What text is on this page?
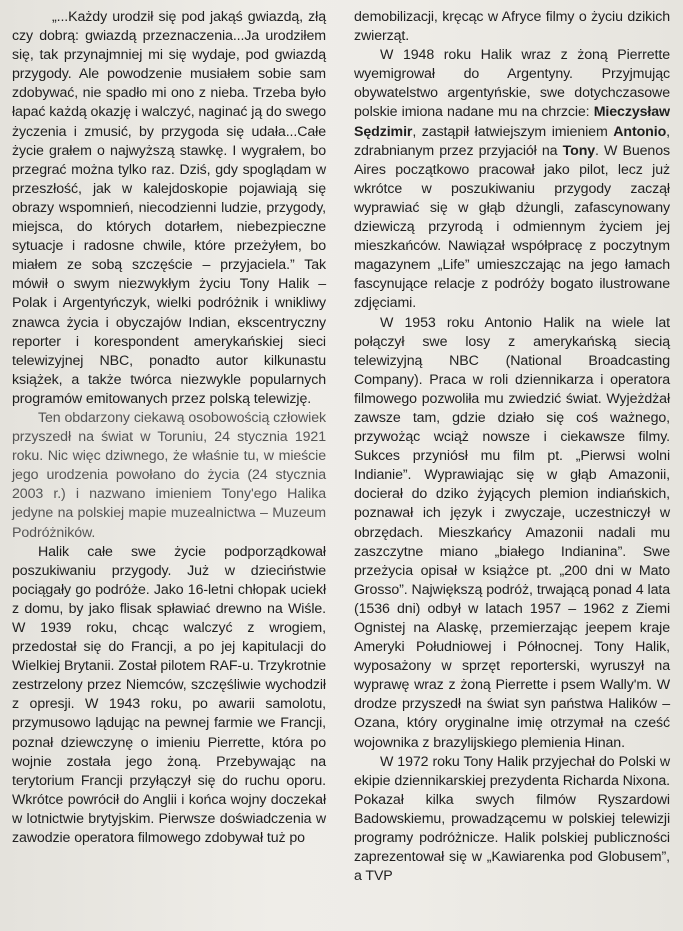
„...Każdy urodził się pod jakąś gwiazdą, złą czy dobrą: gwiazdą przeznaczenia...Ja urodziłem się, tak przynajmniej mi się wydaje, pod gwiazdą przygody. Ale powodzenie musiałem sobie sam zdobywać, nie spadło mi ono z nieba. Trzeba było łapać każdą okazję i walczyć, naginać ją do swego życzenia i zmusić, by przygoda się udała...Całe życie grałem o najwyższą stawkę. I wygrałem, bo przegrać można tylko raz. Dziś, gdy spoglądam w przeszłość, jak w kalejdoskopie pojawiają się obrazy wspomnień, niecodzienni ludzie, przygody, miejsca, do których dotarłem, niebezpieczne sytuacje i radosne chwile, które przeżyłem, bo miałem ze sobą szczęście – przyjaciela.” Tak mówił o swym niezwykłym życiu Tony Halik – Polak i Argentyńczyk, wielki podróżnik i wnikliwy znawca życia i obyczajów Indian, ekscentryczny reporter i korespondent amerykańskiej sieci telewizyjnej NBC, ponadto autor kilkunastu książek, a także twórca niezwykle popularnych programów emitowanych przez polską telewizję.

Ten obdarzony ciekawą osobowością człowiek przyszedł na świat w Toruniu, 24 stycznia 1921 roku. Nic więc dziwnego, że właśnie tu, w mieście jego urodzenia powołano do życia (24 stycznia 2003 r.) i nazwano imieniem Tony'ego Halika jedyne na polskiej mapie muzealnictwa – Muzeum Podróżników.

Halik całe swe życie podporządkował poszukiwaniu przygody. Już w dzieciństwie pociągały go podróże. Jako 16-letni chłopak uciekł z domu, by jako flisak spławiać drewno na Wiśle. W 1939 roku, chcąc walczyć z wrogiem, przedostał się do Francji, a po jej kapitulacji do Wielkiej Brytanii. Został pilotem RAF-u. Trzykrotnie zestrzelony przez Niemców, szczęśliwie wychodził z opresji. W 1943 roku, po awarii samolotu, przymusowo lądując na pewnej farmie we Francji, poznał dziewczynę o imieniu Pierrette, która po wojnie została jego żoną. Przebywając na terytorium Francji przyłączył się do ruchu oporu. Wkrótce powrócił do Anglii i końca wojny doczekał w lotnictwie brytyjskim. Pierwsze doświadczenia w zawodzie operatora filmowego zdobywał tuż po

demobilizacji, kręcąc w Afryce filmy o życiu dzikich zwierząt.

W 1948 roku Halik wraz z żoną Pierrette wyemigrował do Argentyny. Przyjmując obywatelstwo argentyńskie, swe dotychczasowe polskie imiona nadane mu na chrzcie: Mieczysław Sędzimir, zastąpił łatwiejszym imieniem Antonio, zdrabnianym przez przyjaciół na Tony. W Buenos Aires początkowo pracował jako pilot, lecz już wkrótce w poszukiwaniu przygody zaczął wyprawiać się w głąb dżungli, zafascynowany dziewiczą przyrodą i odmiennym życiem jej mieszkańców. Nawiązał współpracę z poczytnym magazynem „Life” umieszczając na jego łamach fascynujące relacje z podróży bogato ilustrowane zdjęciami.

W 1953 roku Antonio Halik na wiele lat połączył swe losy z amerykańską siecią telewizyjną NBC (National Broadcasting Company). Praca w roli dziennikarza i operatora filmowego pozwoliła mu zwiedzić świat. Wyjeżdżał zawsze tam, gdzie działo się coś ważnego, przywożąc wciąż nowsze i ciekawsze filmy. Sukces przyniósł mu film pt. „Pierwsi wolni Indianie”. Wyprawiając się w głąb Amazonii, docierał do dziko żyjących plemion indiańskich, poznawał ich język i zwyczaje, uczestniczył w obrzędach. Mieszkańcy Amazonii nadali mu zaszczytne miano „białego Indianina”. Swe przeżycia opisał w książce pt. „200 dni w Mato Grosso”. Największą podróż, trwającą ponad 4 lata (1536 dni) odbył w latach 1957 – 1962 z Ziemi Ognistej na Alaskę, przemierzając jeepem kraje Ameryki Południowej i Północnej. Tony Halik, wyposażony w sprzęt reporterski, wyruszył na wyprawę wraz z żoną Pierrette i psem Wally'm. W drodze przyszedł na świat syn państwa Halików – Ozana, który oryginalne imię otrzymał na cześć wojownika z brazylijskiego plemienia Hinan.

W 1972 roku Tony Halik przyjechał do Polski w ekipie dziennikarskiej prezydenta Richarda Nixona. Pokazał kilka swych filmów Ryszardowi Badowskiemu, prowadzącemu w polskiej telewizji programy podróżnicze. Halik polskiej publiczności zaprezentował się w „Kawiarenka pod Globusem”, a TVP
